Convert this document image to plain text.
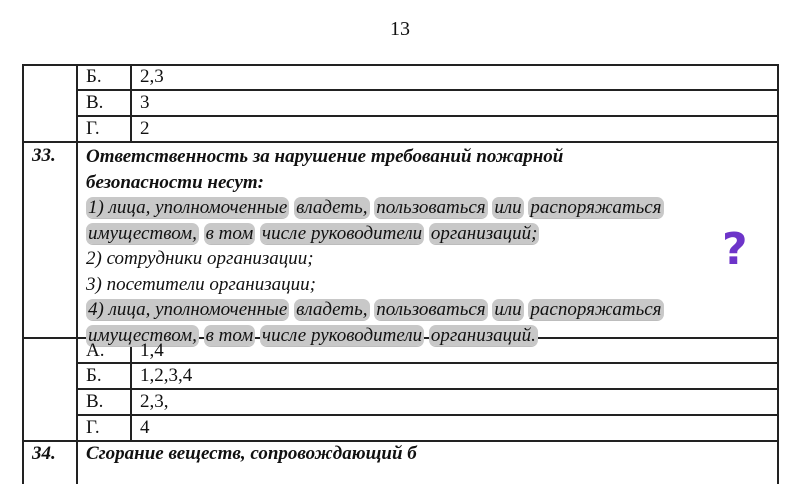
13
Б. 2,3
В. 3
Г. 2
33. Ответственность за нарушение требований пожарной
безопасности несут:
1) лица, уполномоченные владеть, пользоваться или распоряжаться
имуществом, в том числе руководители организаций;
2) сотрудники организации;
3) посетители организации;
4) лица, уполномоченные владеть, пользоваться или распоряжаться
имуществом, в том числе руководители организаций.
А. 1,4
Б. 1,2,3,4
В. 2,3,
Г. 4
34. Сгорание веществ, сопровождающий б
?
